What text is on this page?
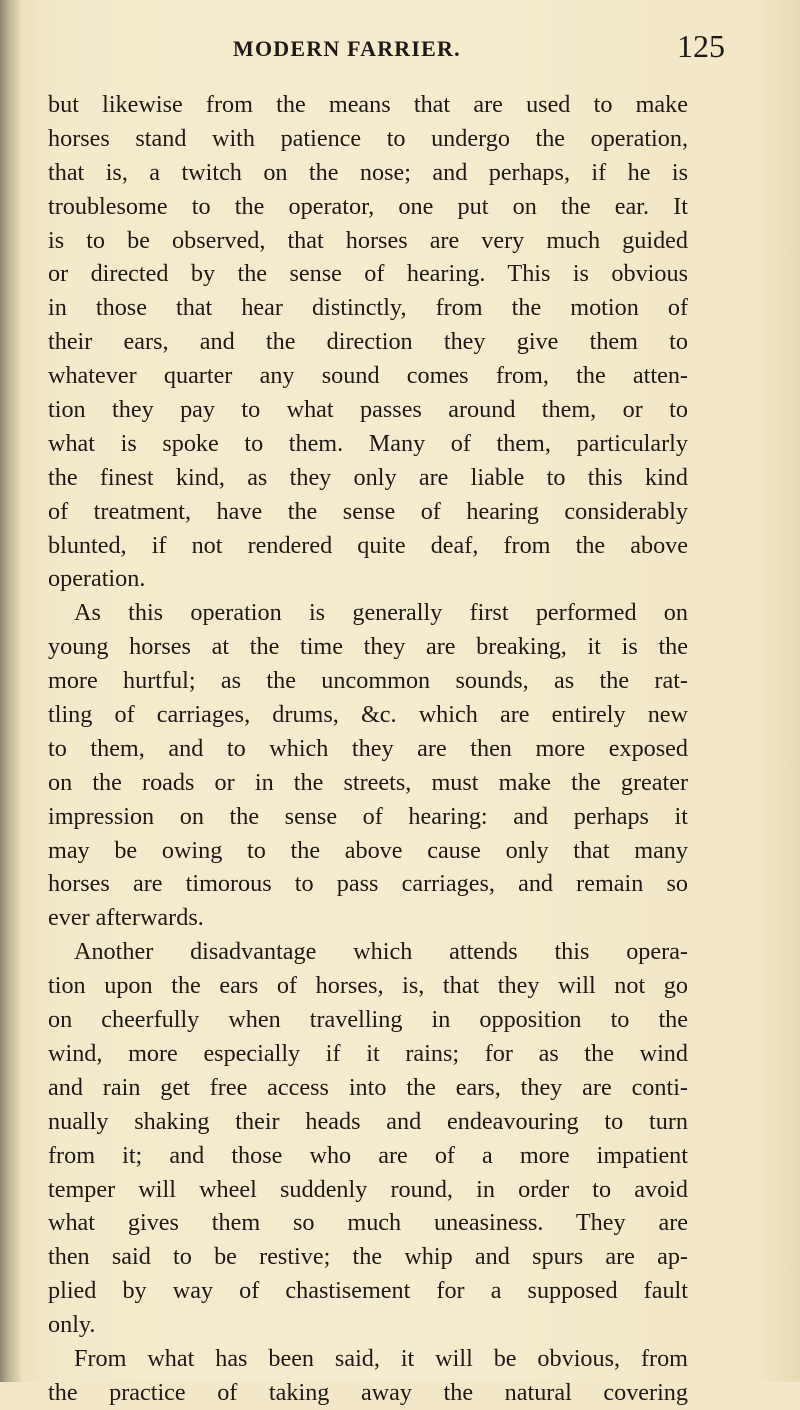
MODERN FARRIER.	125
but likewise from the means that are used to make
horses stand with patience to undergo the operation,
that is, a twitch on the nose; and perhaps, if he is
troublesome to the operator, one put on the ear. It
is to be observed, that horses are very much guided
or directed by the sense of hearing. This is obvious
in those that hear distinctly, from the motion of
their ears, and the direction they give them to
whatever quarter any sound comes from, the atten-
tion they pay to what passes around them, or to
what is spoke to them. Many of them, particularly
the finest kind, as they only are liable to this kind
of treatment, have the sense of hearing considerably
blunted, if not rendered quite deaf, from the above
operation.
As this operation is generally first performed on
young horses at the time they are breaking, it is the
more hurtful; as the uncommon sounds, as the rat-
tling of carriages, drums, &c. which are entirely new
to them, and to which they are then more exposed
on the roads or in the streets, must make the greater
impression on the sense of hearing: and perhaps it
may be owing to the above cause only that many
horses are timorous to pass carriages, and remain so
ever afterwards.
Another disadvantage which attends this opera-
tion upon the ears of horses, is, that they will not go
on cheerfully when travelling in opposition to the
wind, more especially if it rains; for as the wind
and rain get free access into the ears, they are conti-
nually shaking their heads and endeavouring to turn
from it; and those who are of a more impatient
temper will wheel suddenly round, in order to avoid
what gives them so much uneasiness. They are
then said to be restive; the whip and spurs are ap-
plied by way of chastisement for a supposed fault
only.
From what has been said, it will be obvious, from
the practice of taking away the natural covering
